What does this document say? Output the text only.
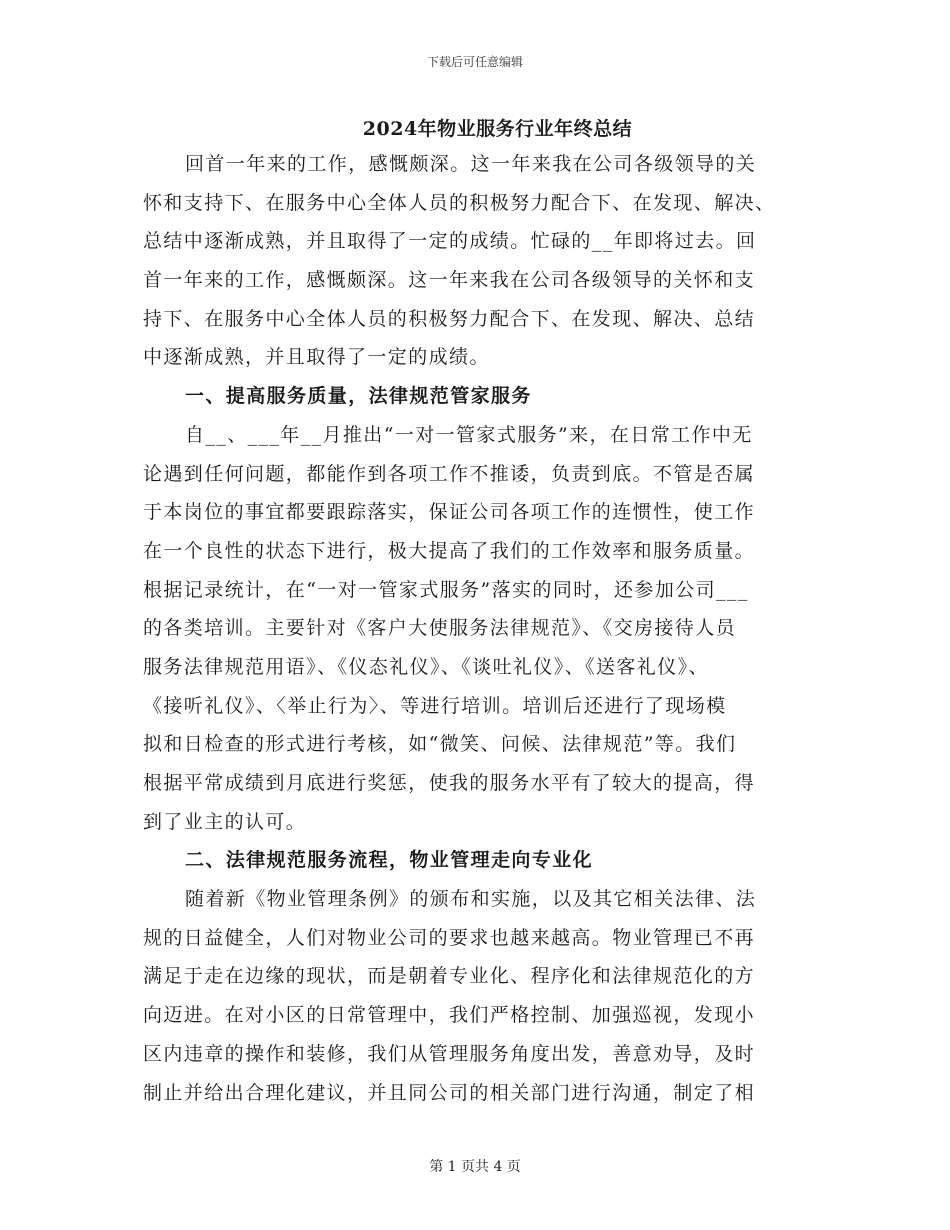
下载后可任意编辑
2024年物业服务行业年终总结
回首一年来的工作，感慨颇深。这一年来我在公司各级领导的关
怀和支持下、在服务中心全体人员的积极努力配合下、在发现、解决、
总结中逐渐成熟，并且取得了一定的成绩。忙碌的__年即将过去。回
首一年来的工作，感慨颇深。这一年来我在公司各级领导的关怀和支
持下、在服务中心全体人员的积极努力配合下、在发现、解决、总结
中逐渐成熟，并且取得了一定的成绩。
一、提高服务质量，法律规范管家服务
自__、___年__月推出“一对一管家式服务”来，在日常工作中无
论遇到任何问题，都能作到各项工作不推诿，负责到底。不管是否属
于本岗位的事宜都要跟踪落实，保证公司各项工作的连惯性，使工作
在一个良性的状态下进行，极大提高了我们的工作效率和服务质量。
根据记录统计，在“一对一管家式服务”落实的同时，还参加公司___
的各类培训。主要针对《客户大使服务法律规范》、《交房接待人员
服务法律规范用语》、《仪态礼仪》、《谈吐礼仪》、《送客礼仪》、
《接听礼仪》、〈举止行为〉、等进行培训。培训后还进行了现场模
拟和日检查的形式进行考核，如“微笑、问候、法律规范”等。我们
根据平常成绩到月底进行奖惩，使我的服务水平有了较大的提高，得
到了业主的认可。
二、法律规范服务流程，物业管理走向专业化
随着新《物业管理条例》的颁布和实施，以及其它相关法律、法
规的日益健全，人们对物业公司的要求也越来越高。物业管理已不再
满足于走在边缘的现状，而是朝着专业化、程序化和法律规范化的方
向迈进。在对小区的日常管理中，我们严格控制、加强巡视，发现小
区内违章的操作和装修，我们从管理服务角度出发，善意劝导，及时
制止并给出合理化建议，并且同公司的相关部门进行沟通，制定了相
第 1 页共 4 页
